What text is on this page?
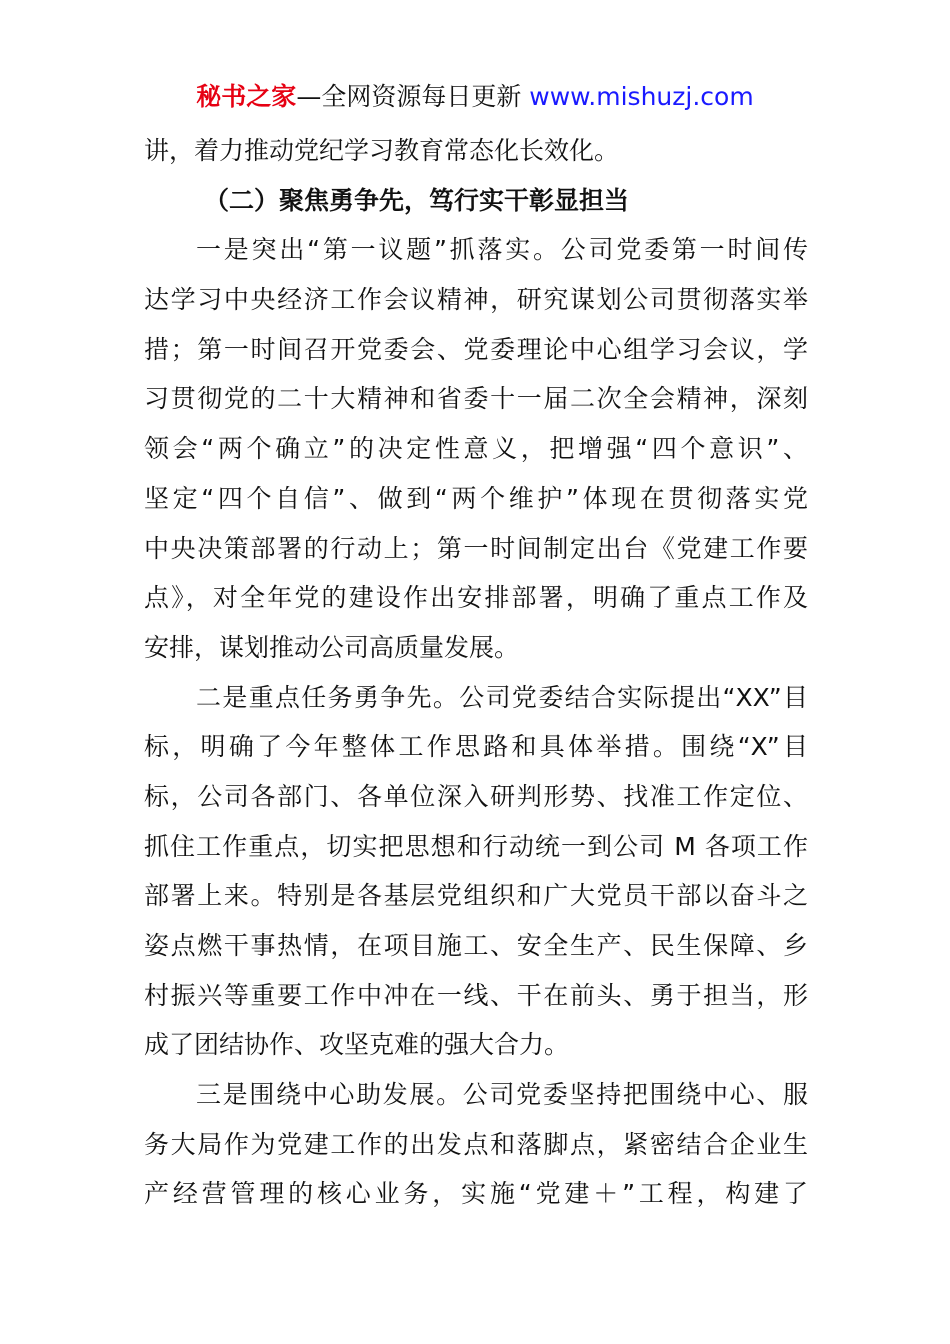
秘书之家—全网资源每日更新 www.mishuzj.com
讲，着力推动党纪学习教育常态化长效化。
（二）聚焦勇争先，笃行实干彰显担当
一是突出“第一议题”抓落实。公司党委第一时间传
达学习中央经济工作会议精神，研究谋划公司贯彻落实举
措；第一时间召开党委会、党委理论中心组学习会议，学
习贯彻党的二十大精神和省委十一届二次全会精神，深刻
领会“两个确立”的决定性意义，把增强“四个意识”、
坚定“四个自信”、做到“两个维护”体现在贯彻落实党
中央决策部署的行动上；第一时间制定出台《党建工作要
点》，对全年党的建设作出安排部署，明确了重点工作及
安排，谋划推动公司高质量发展。
二是重点任务勇争先。公司党委结合实际提出“XX”目
标，明确了今年整体工作思路和具体举措。围绕“X”目
标，公司各部门、各单位深入研判形势、找准工作定位、
抓住工作重点，切实把思想和行动统一到公司 M 各项工作
部署上来。特别是各基层党组织和广大党员干部以奋斗之
姿点燃干事热情，在项目施工、安全生产、民生保障、乡
村振兴等重要工作中冲在一线、干在前头、勇于担当，形
成了团结协作、攻坚克难的强大合力。
三是围绕中心助发展。公司党委坚持把围绕中心、服
务大局作为党建工作的出发点和落脚点，紧密结合企业生
产经营管理的核心业务，实施“党建＋”工程，构建了
